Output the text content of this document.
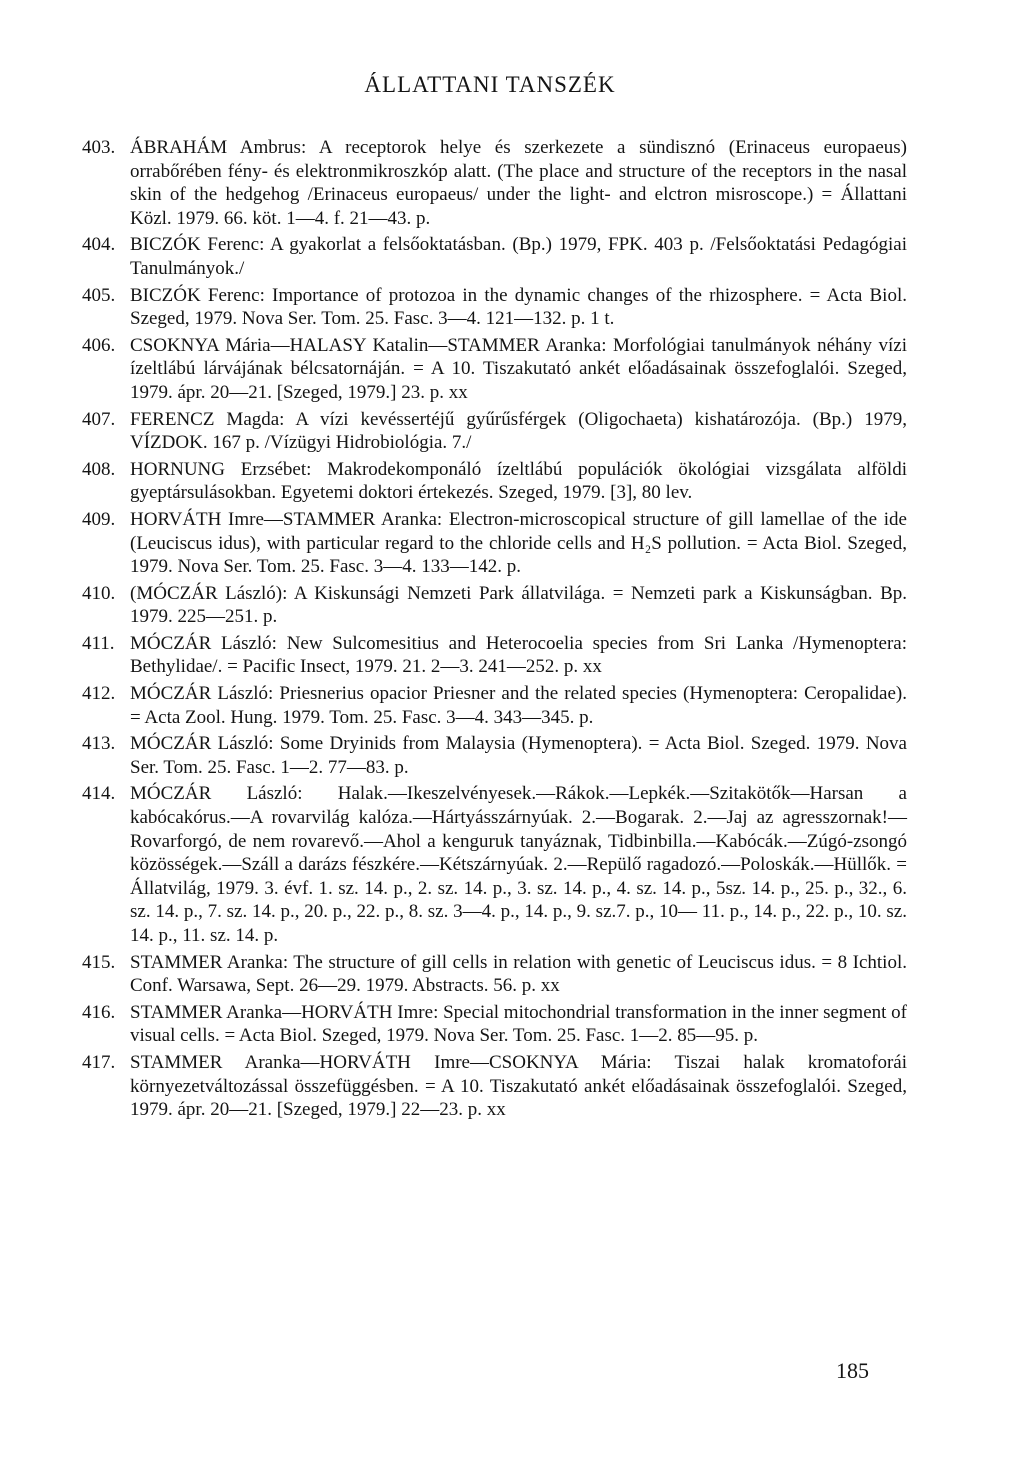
ÁLLATTANI TANSZÉK
403. ÁBRAHÁM Ambrus: A receptorok helye és szerkezete a sündisznó (Erinaceus europaeus) orrabőrében fény- és elektronmikroszkóp alatt. (The place and structure of the receptors in the nasal skin of the hedgehog /Erinaceus europaeus/ under the light- and elctron misroscope.) = Állattani Közl. 1979. 66. köt. 1—4. f. 21—43. p.
404. BICZÓK Ferenc: A gyakorlat a felsőoktatásban. (Bp.) 1979, FPK. 403 p. /Felsőoktatási Pedagógiai Tanulmányok./
405. BICZÓK Ferenc: Importance of protozoa in the dynamic changes of the rhizosphere. = Acta Biol. Szeged, 1979. Nova Ser. Tom. 25. Fasc. 3—4. 121—132. p. 1 t.
406. CSOKNYA Mária—HALASY Katalin—STAMMER Aranka: Morfológiai tanulmányok néhány vízi ízeltlábú lárvájának bélcsatornáján. = A 10. Tiszakutató ankét előadásainak összefoglalói. Szeged, 1979. ápr. 20—21. [Szeged, 1979.] 23. p. xx
407. FERENCZ Magda: A vízi kevéssertéjű gyűrűsférgek (Oligochaeta) kishatározója. (Bp.) 1979, VÍZDOK. 167 p. /Vízügyi Hidrobiológia. 7./
408. HORNUNG Erzsébet: Makrodekomponáló ízeltlábú populációk ökológiai vizsgálata alföldi gyeptársulásokban. Egyetemi doktori értekezés. Szeged, 1979. [3], 80 lev.
409. HORVÁTH Imre—STAMMER Aranka: Electron-microscopical structure of gill lamellae of the ide (Leuciscus idus), with particular regard to the chloride cells and H₂S pollution. = Acta Biol. Szeged, 1979. Nova Ser. Tom. 25. Fasc. 3—4. 133—142. p.
410. (MÓCZÁR László): A Kiskunsági Nemzeti Park állatvilága. = Nemzeti park a Kiskunságban. Bp. 1979. 225—251. p.
411. MÓCZÁR László: New Sulcomesitius and Heterocoelia species from Sri Lanka /Hymenoptera: Bethylidae/. = Pacific Insect, 1979. 21. 2—3. 241—252. p. xx
412. MÓCZÁR László: Priesnerius opacior Priesner and the related species (Hymenoptera: Ceropalidae). = Acta Zool. Hung. 1979. Tom. 25. Fasc. 3—4. 343—345. p.
413. MÓCZÁR László: Some Dryinids from Malaysia (Hymenoptera). = Acta Biol. Szeged. 1979. Nova Ser. Tom. 25. Fasc. 1—2. 77—83. p.
414. MÓCZÁR László: Halak.—Ikeszelvényesek.—Rákok.—Lepkék.—Szitakötők—Harsan a kabócakórus.—A rovarvilág kalóza.—Hártyásszárnyúak. 2.—Bogarak. 2.—Jaj az agresszornak!—Rovarforgó, de nem rovarevő.—Ahol a kenguruk tanyáznak, Tidbinbilla.—Kabócák.—Zúgó-zsongó közösségek.—Száll a darázs fészkére.—Kétszárnyúak. 2.—Repülő ragadozó.—Poloskák.—Hüllők. = Állatvilág, 1979. 3. évf. 1. sz. 14. p., 2. sz. 14. p., 3. sz. 14. p., 4. sz. 14. p., 5sz. 14. p., 25. p., 32., 6. sz. 14. p., 7. sz. 14. p., 20. p., 22. p., 8. sz. 3—4. p., 14. p., 9. sz.7. p., 10— 11. p., 14. p., 22. p., 10. sz. 14. p., 11. sz. 14. p.
415. STAMMER Aranka: The structure of gill cells in relation with genetic of Leuciscus idus. = 8 Ichtiol. Conf. Warsawa, Sept. 26—29. 1979. Abstracts. 56. p. xx
416. STAMMER Aranka—HORVÁTH Imre: Special mitochondrial transformation in the inner segment of visual cells. = Acta Biol. Szeged, 1979. Nova Ser. Tom. 25. Fasc. 1—2. 85—95. p.
417. STAMMER Aranka—HORVÁTH Imre—CSOKNYA Mária: Tiszai halak kromatoforái környezetváltozással összefüggésben. = A 10. Tiszakutató ankét előadásainak összefoglalói. Szeged, 1979. ápr. 20—21. [Szeged, 1979.] 22—23. p. xx
185
